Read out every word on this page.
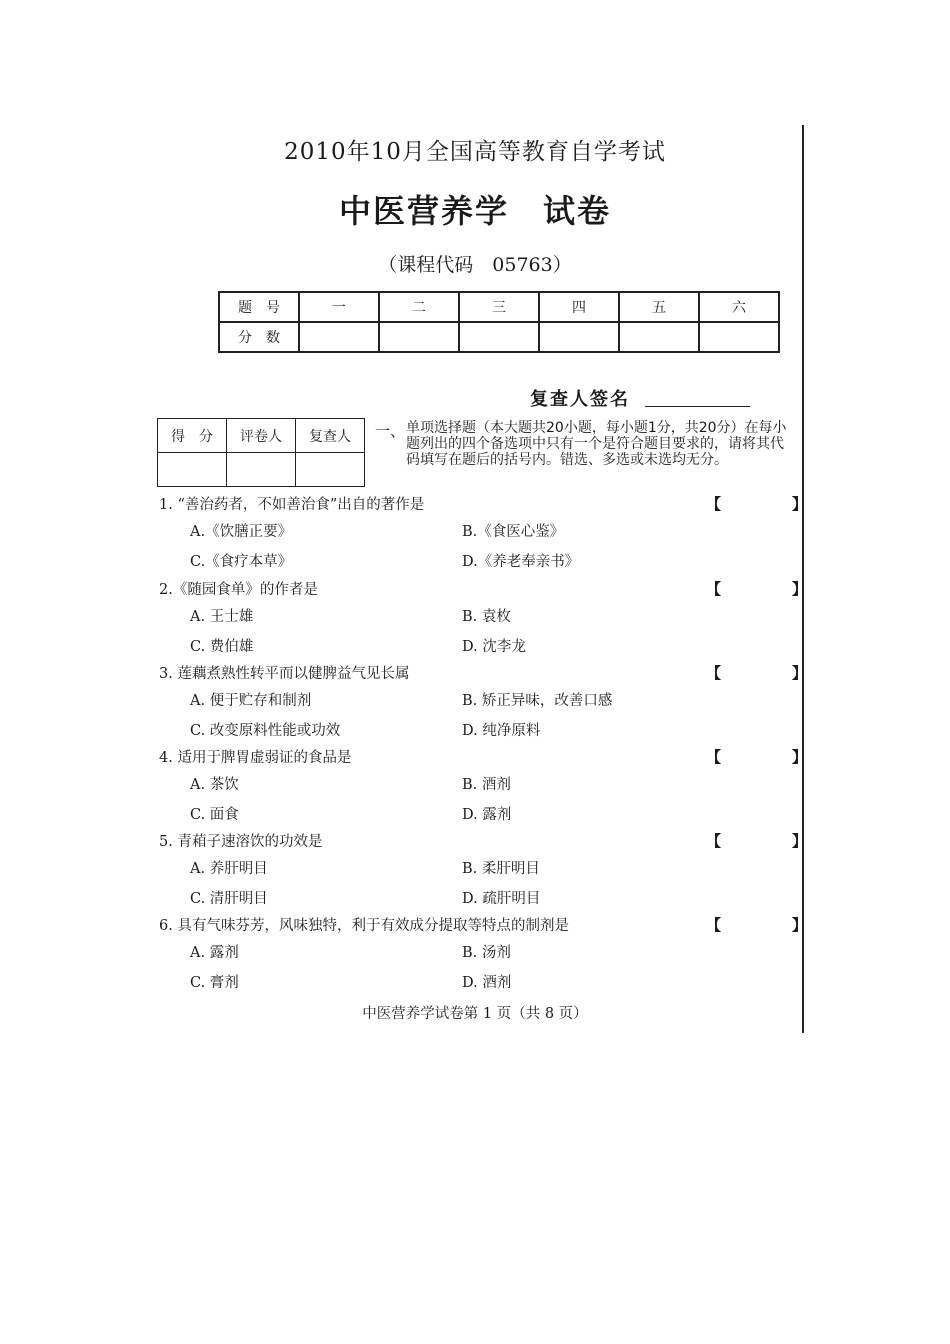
2010年10月全国高等教育自学考试
中医营养学　试卷
（课程代码　05763）
题　号	一	二	三	四	五	六
分　数						
复查人签名
得　分	评卷人	复查人
		一、 单项选择题（本大题共20小题，每小题1分，共20分）在每小题列出的四个备选项中只有一个是符合题目要求的，请将其代码填写在题后的括号内。错选、多选或未选均无分。
1. “善治药者，不如善治食”出自的著作是	【　】
A.《饮膳正要》	B.《食医心鉴》
C.《食疗本草》	D.《养老奉亲书》
2.《随园食单》的作者是	【　】
A. 王士雄	B. 袁枚
C. 费伯雄	D. 沈李龙
3. 莲藕煮熟性转平而以健脾益气见长属	【　】
A. 便于贮存和制剂	B. 矫正异味，改善口感
C. 改变原料性能或功效	D. 纯净原料
4. 适用于脾胃虚弱证的食品是	【　】
A. 茶饮	B. 酒剂
C. 面食	D. 露剂
5. 青葙子速溶饮的功效是	【　】
A. 养肝明目	B. 柔肝明目
C. 清肝明目	D. 疏肝明目
6. 具有气味芬芳，风味独特，利于有效成分提取等特点的制剂是	【　】
A. 露剂	B. 汤剂
C. 膏剂	D. 酒剂
中医营养学试卷第 1 页（共 8 页）
